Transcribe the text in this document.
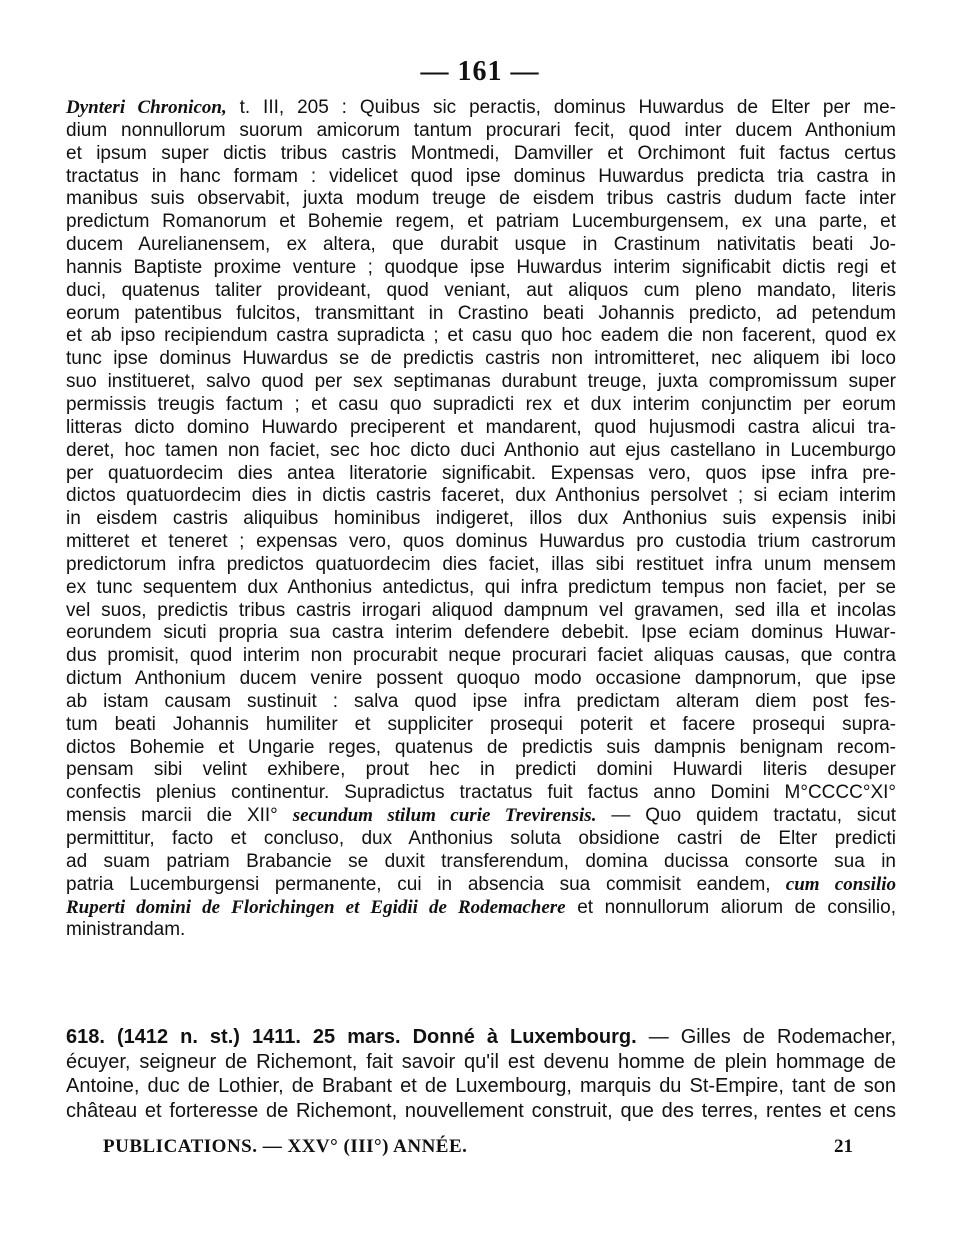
— 161 —
Dynteri Chronicon, t. III, 205 : Quibus sic peractis, dominus Huwardus de Elter per me-
dium nonnullorum suorum amicorum tantum procurari fecit, quod inter ducem Anthonium
et ipsum super dictis tribus castris Montmedi, Damviller et Orchimont fuit factus certus
tractatus in hanc formam : videlicet quod ipse dominus Huwardus predicta tria castra in
manibus suis observabit, juxta modum treuge de eisdem tribus castris dudum facte inter
predictum Romanorum et Bohemie regem, et patriam Lucemburgensem, ex una parte, et
ducem Aurelianensem, ex altera, que durabit usque in Crastinum nativitatis beati Jo-
hannis Baptiste proxime venture ; quodque ipse Huwardus interim significabit dictis regi et
duci, quatenus taliter provideant, quod veniant, aut aliquos cum pleno mandato, literis
eorum patentibus fulcitos, transmittant in Crastino beati Johannis predicto, ad petendum
et ab ipso recipiendum castra supradicta ; et casu quo hoc eadem die non facerent, quod ex
tunc ipse dominus Huwardus se de predictis castris non intromitteret, nec aliquem ibi loco
suo institueret, salvo quod per sex septimanas durabunt treuge, juxta compromissum super
permissis treugis factum ; et casu quo supradicti rex et dux interim conjunctim per eorum
litteras dicto domino Huwardo preciperent et mandarent, quod hujusmodi castra alicui tra-
deret, hoc tamen non faciet, sec hoc dicto duci Anthonio aut ejus castellano in Lucemburgo
per quatuordecim dies antea literatorie significabit. Expensas vero, quos ipse infra pre-
dictos quatuordecim dies in dictis castris faceret, dux Anthonius persolvet ; si eciam interim
in eisdem castris aliquibus hominibus indigeret, illos dux Anthonius suis expensis inibi
mitteret et teneret ; expensas vero, quos dominus Huwardus pro custodia trium castrorum
predictorum infra predictos quatuordecim dies faciet, illas sibi restituet infra unum mensem
ex tunc sequentem dux Anthonius antedictus, qui infra predictum tempus non faciet, per se
vel suos, predictis tribus castris irrogari aliquod dampnum vel gravamen, sed illa et incolas
eorundem sicuti propria sua castra interim defendere debebit. Ipse eciam dominus Huwar-
dus promisit, quod interim non procurabit neque procurari faciet aliquas causas, que contra
dictum Anthonium ducem venire possent quoquo modo occasione dampnorum, que ipse
ab istam causam sustinuit : salva quod ipse infra predictam alteram diem post fes-
tum beati Johannis humiliter et suppliciter prosequi poterit et facere prosequi supra-
dictos Bohemie et Ungarie reges, quatenus de predictis suis dampnis benignam recom-
pensam sibi velint exhibere, prout hec in predicti domini Huwardi literis desuper
confectis plenius continentur. Supradictus tractatus fuit factus anno Domini M°CCCC°XI°
mensis marcii die XII° secundum stilum curie Trevirensis. — Quo quidem tractatu, sicut
permittitur, facto et concluso, dux Anthonius soluta obsidione castri de Elter predicti
ad suam patriam Brabancie se duxit transferendum, domina ducissa consorte sua in
patria Lucemburgensi permanente, cui in absencia sua commisit eandem, cum consilio
Ruperti domini de Florichingen et Egidii de Rodemachere et nonnullorum aliorum de consilio,
ministrandam.
618. (1412 n. st.) 1411. 25 mars. Donné à Luxembourg. — Gilles de Rodemacher,
écuyer, seigneur de Richemont, fait savoir qu'il est devenu homme de plein hommage de
Antoine, duc de Lothier, de Brabant et de Luxembourg, marquis du St-Empire, tant de son
château et forteresse de Richemont, nouvellement construit, que des terres, rentes et cens
PUBLICATIONS. — XXV° (III°) ANNÉE.	21
